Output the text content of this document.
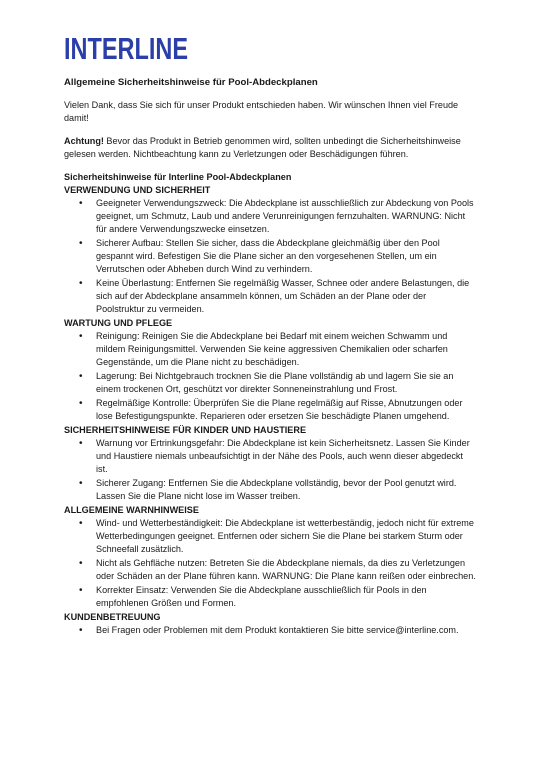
INTERLINE

Allgemeine Sicherheitshinweise für Pool-Abdeckplanen

Vielen Dank, dass Sie sich für unser Produkt entschieden haben. Wir wünschen Ihnen viel Freude damit!

Achtung! Bevor das Produkt in Betrieb genommen wird, sollten unbedingt die Sicherheitshinweise gelesen werden. Nichtbeachtung kann zu Verletzungen oder Beschädigungen führen.

Sicherheitshinweise für Interline Pool-Abdeckplanen

VERWENDUNG UND SICHERHEIT

• Geeigneter Verwendungszweck: Die Abdeckplane ist ausschließlich zur Abdeckung von Pools geeignet, um Schmutz, Laub und andere Verunreinigungen fernzuhalten. WARNUNG: Nicht für andere Verwendungszwecke einsetzen.
• Sicherer Aufbau: Stellen Sie sicher, dass die Abdeckplane gleichmäßig über den Pool gespannt wird. Befestigen Sie die Plane sicher an den vorgesehenen Stellen, um ein Verrutschen oder Abheben durch Wind zu verhindern.
• Keine Überlastung: Entfernen Sie regelmäßig Wasser, Schnee oder andere Belastungen, die sich auf der Abdeckplane ansammeln können, um Schäden an der Plane oder der Poolstruktur zu vermeiden.

WARTUNG UND PFLEGE

• Reinigung: Reinigen Sie die Abdeckplane bei Bedarf mit einem weichen Schwamm und mildem Reinigungsmittel. Verwenden Sie keine aggressiven Chemikalien oder scharfen Gegenstände, um die Plane nicht zu beschädigen.
• Lagerung: Bei Nichtgebrauch trocknen Sie die Plane vollständig ab und lagern Sie sie an einem trockenen Ort, geschützt vor direkter Sonneneinstrahlung und Frost.
• Regelmäßige Kontrolle: Überprüfen Sie die Plane regelmäßig auf Risse, Abnutzungen oder lose Befestigungspunkte. Reparieren oder ersetzen Sie beschädigte Planen umgehend.

SICHERHEITSHINWEISE FÜR KINDER UND HAUSTIERE

• Warnung vor Ertrinkungsgefahr: Die Abdeckplane ist kein Sicherheitsnetz. Lassen Sie Kinder und Haustiere niemals unbeaufsichtigt in der Nähe des Pools, auch wenn dieser abgedeckt ist.
• Sicherer Zugang: Entfernen Sie die Abdeckplane vollständig, bevor der Pool genutzt wird. Lassen Sie die Plane nicht lose im Wasser treiben.

ALLGEMEINE WARNHINWEISE

• Wind- und Wetterbeständigkeit: Die Abdeckplane ist wetterbeständig, jedoch nicht für extreme Wetterbedingungen geeignet. Entfernen oder sichern Sie die Plane bei starkem Sturm oder Schneefall zusätzlich.
• Nicht als Gehfläche nutzen: Betreten Sie die Abdeckplane niemals, da dies zu Verletzungen oder Schäden an der Plane führen kann. WARNUNG: Die Plane kann reißen oder einbrechen.
• Korrekter Einsatz: Verwenden Sie die Abdeckplane ausschließlich für Pools in den empfohlenen Größen und Formen.

KUNDENBETREUUNG

• Bei Fragen oder Problemen mit dem Produkt kontaktieren Sie bitte service@interline.com.
